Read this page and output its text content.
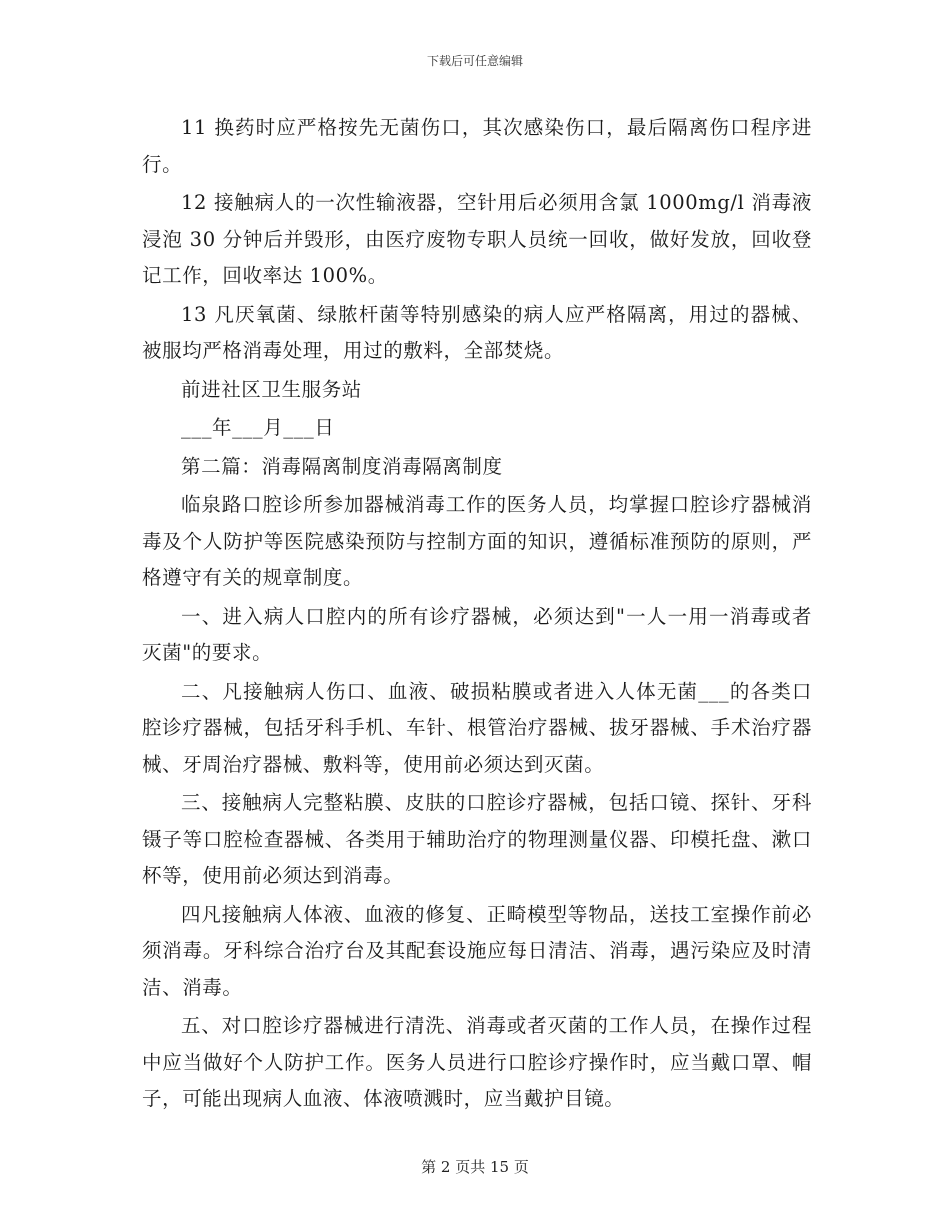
下载后可任意编辑

11 换药时应严格按先无菌伤口，其次感染伤口，最后隔离伤口程序进行。

12 接触病人的一次性输液器，空针用后必须用含氯 1000mg/l 消毒液浸泡 30 分钟后并毁形，由医疗废物专职人员统一回收，做好发放，回收登记工作，回收率达 100%。

13 凡厌氧菌、绿脓杆菌等特别感染的病人应严格隔离，用过的器械、被服均严格消毒处理，用过的敷料，全部焚烧。

前进社区卫生服务站

___年___月___日

第二篇：消毒隔离制度消毒隔离制度

临泉路口腔诊所参加器械消毒工作的医务人员，均掌握口腔诊疗器械消毒及个人防护等医院感染预防与控制方面的知识，遵循标准预防的原则，严格遵守有关的规章制度。

一、进入病人口腔内的所有诊疗器械，必须达到"一人一用一消毒或者灭菌"的要求。

二、凡接触病人伤口、血液、破损粘膜或者进入人体无菌___的各类口腔诊疗器械，包括牙科手机、车针、根管治疗器械、拔牙器械、手术治疗器械、牙周治疗器械、敷料等，使用前必须达到灭菌。

三、接触病人完整粘膜、皮肤的口腔诊疗器械，包括口镜、探针、牙科镊子等口腔检查器械、各类用于辅助治疗的物理测量仪器、印模托盘、漱口杯等，使用前必须达到消毒。

四凡接触病人体液、血液的修复、正畸模型等物品，送技工室操作前必须消毒。牙科综合治疗台及其配套设施应每日清洁、消毒，遇污染应及时清洁、消毒。

五、对口腔诊疗器械进行清洗、消毒或者灭菌的工作人员，在操作过程中应当做好个人防护工作。医务人员进行口腔诊疗操作时，应当戴口罩、帽子，可能出现病人血液、体液喷溅时，应当戴护目镜。

第 2 页共 15 页
